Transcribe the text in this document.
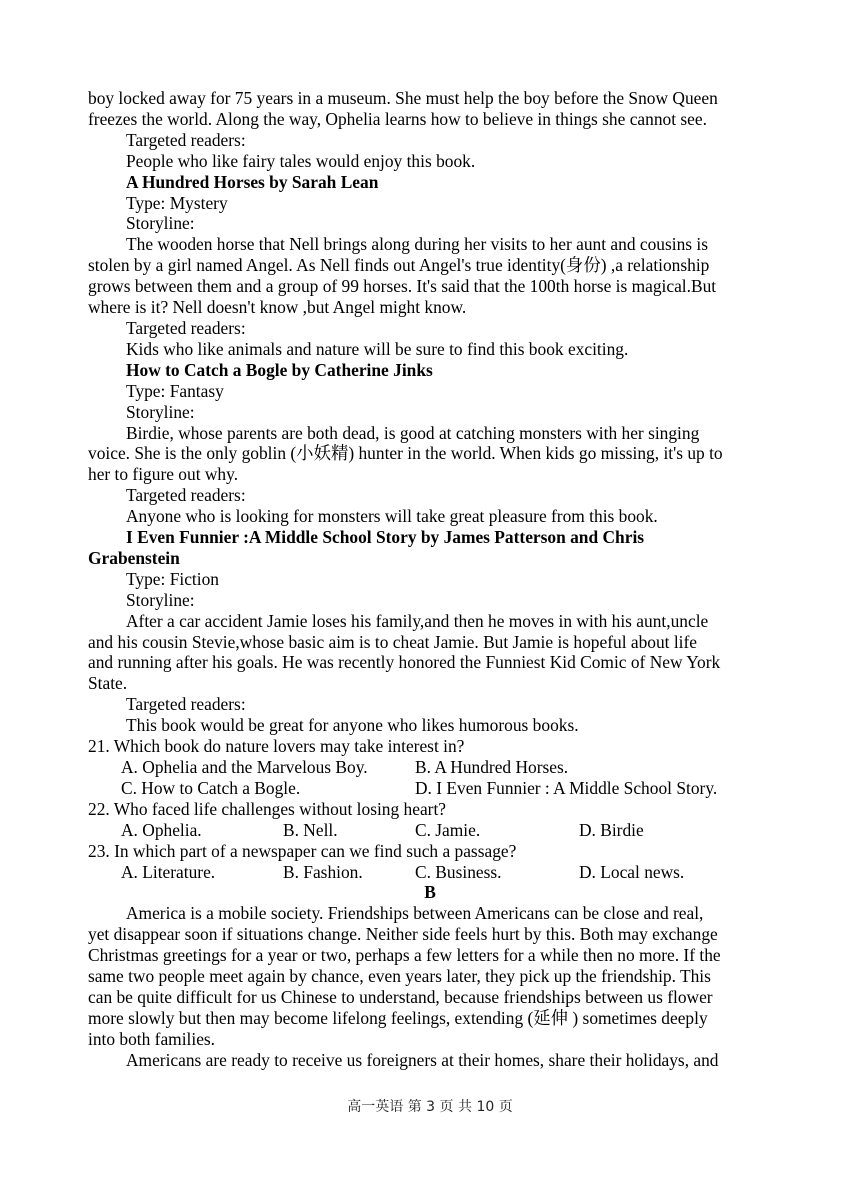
boy locked away for 75 years in a museum. She must help the boy before the Snow Queen
freezes the world. Along the way, Ophelia learns how to believe in things she cannot see.
Targeted readers:
People who like fairy tales would enjoy this book.
A Hundred Horses by Sarah Lean
Type: Mystery
Storyline:
The wooden horse that Nell brings along during her visits to her aunt and cousins is
stolen by a girl named Angel. As Nell finds out Angel's true identity(身份) ,a relationship
grows between them and a group of 99 horses. It's said that the 100th horse is magical.But
where is it? Nell doesn't know ,but Angel might know.
Targeted readers:
Kids who like animals and nature will be sure to find this book exciting.
How to Catch a Bogle by Catherine Jinks
Type: Fantasy
Storyline:
Birdie, whose parents are both dead, is good at catching monsters with her singing
voice. She is the only goblin (小妖精) hunter in the world. When kids go missing, it's up to
her to figure out why.
Targeted readers:
Anyone who is looking for monsters will take great pleasure from this book.
I Even Funnier :A Middle School Story by James Patterson and Chris
Grabenstein
Type: Fiction
Storyline:
After a car accident Jamie loses his family,and then he moves in with his aunt,uncle
and his cousin Stevie,whose basic aim is to cheat Jamie. But Jamie is hopeful about life
and running after his goals. He was recently honored the Funniest Kid Comic of New York
State.
Targeted readers:
This book would be great for anyone who likes humorous books.
21. Which book do nature lovers may take interest in?
A. Ophelia and the Marvelous Boy.	B. A Hundred Horses.
C. How to Catch a Bogle.	D. I Even Funnier : A Middle School Story.
22. Who faced life challenges without losing heart?
A. Ophelia.	B. Nell.	C. Jamie.	D. Birdie
23. In which part of a newspaper can we find such a passage?
A. Literature.	B. Fashion.	C. Business.	D. Local news.
B
America is a mobile society. Friendships between Americans can be close and real,
yet disappear soon if situations change. Neither side feels hurt by this. Both may exchange
Christmas greetings for a year or two, perhaps a few letters for a while then no more. If the
same two people meet again by chance, even years later, they pick up the friendship. This
can be quite difficult for us Chinese to understand, because friendships between us flower
more slowly but then may become lifelong feelings, extending (延伸 ) sometimes deeply
into both families.
Americans are ready to receive us foreigners at their homes, share their holidays, and
高一英语 第 3 页 共 10 页
